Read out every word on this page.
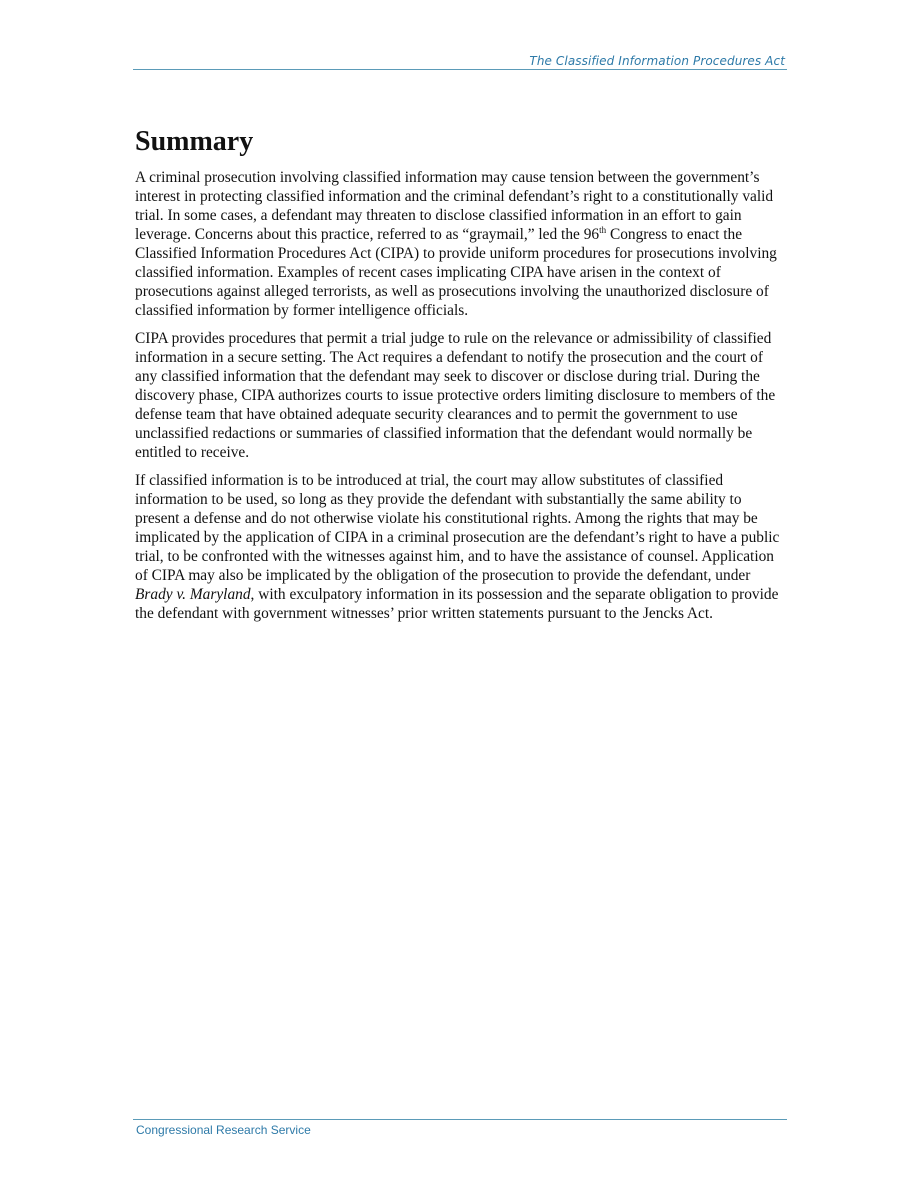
The Classified Information Procedures Act
Summary

A criminal prosecution involving classified information may cause tension between the government’s interest in protecting classified information and the criminal defendant’s right to a constitutionally valid trial. In some cases, a defendant may threaten to disclose classified information in an effort to gain leverage. Concerns about this practice, referred to as “graymail,” led the 96th Congress to enact the Classified Information Procedures Act (CIPA) to provide uniform procedures for prosecutions involving classified information. Examples of recent cases implicating CIPA have arisen in the context of prosecutions against alleged terrorists, as well as prosecutions involving the unauthorized disclosure of classified information by former intelligence officials.

CIPA provides procedures that permit a trial judge to rule on the relevance or admissibility of classified information in a secure setting. The Act requires a defendant to notify the prosecution and the court of any classified information that the defendant may seek to discover or disclose during trial. During the discovery phase, CIPA authorizes courts to issue protective orders limiting disclosure to members of the defense team that have obtained adequate security clearances and to permit the government to use unclassified redactions or summaries of classified information that the defendant would normally be entitled to receive.

If classified information is to be introduced at trial, the court may allow substitutes of classified information to be used, so long as they provide the defendant with substantially the same ability to present a defense and do not otherwise violate his constitutional rights. Among the rights that may be implicated by the application of CIPA in a criminal prosecution are the defendant’s right to have a public trial, to be confronted with the witnesses against him, and to have the assistance of counsel. Application of CIPA may also be implicated by the obligation of the prosecution to provide the defendant, under Brady v. Maryland, with exculpatory information in its possession and the separate obligation to provide the defendant with government witnesses’ prior written statements pursuant to the Jencks Act.

Congressional Research Service
